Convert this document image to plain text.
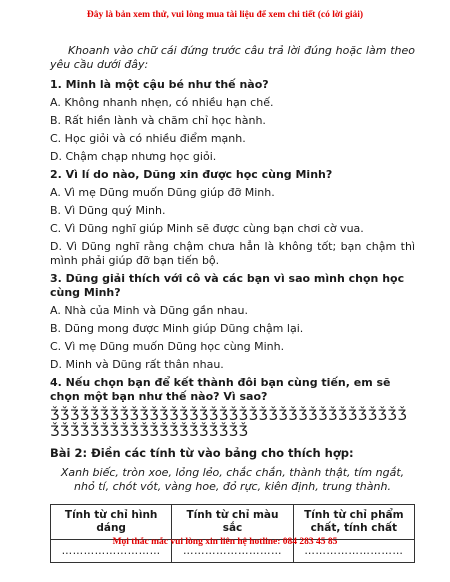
Đây là bản xem thử, vui lòng mua tài liệu để xem chi tiết (có lời giải)

Khoanh vào chữ cái đứng trước câu trả lời đúng hoặc làm theo yêu cầu dưới đây:

1. Minh là một cậu bé như thế nào?

A. Không nhanh nhẹn, có nhiều hạn chế.

B. Rất hiền lành và chăm chỉ học hành.

C. Học giỏi và có nhiều điểm mạnh.

D. Chậm chạp nhưng học giỏi.

2. Vì lí do nào, Dũng xin được học cùng Minh?

A. Vì mẹ Dũng muốn Dũng giúp đỡ Minh.

B. Vì Dũng quý Minh.

C. Vì Dũng nghĩ giúp Minh sẽ được cùng bạn chơi cờ vua.

D. Vì Dũng nghĩ rằng chậm chưa hẳn là không tốt; bạn chậm thì mình phải giúp đỡ bạn tiến bộ.

3. Dũng giải thích với cô và các bạn vì sao mình chọn học cùng Minh?

A. Nhà của Minh và Dũng gần nhau.

B. Dũng mong được Minh giúp Dũng chậm lại.

C. Vì mẹ Dũng muốn Dũng học cùng Minh.

D. Minh và Dũng rất thân nhau.

4. Nếu chọn bạn để kết thành đôi bạn cùng tiến, em sẽ chọn một bạn như thế nào? Vì sao?

ǮǮǮǮǮǮǮǮǮǮǮǮǮǮǮǮǮǮǮǮǮǮǮǮǮǮǮǮǮǮǮǮǮǮǮǮǮǮǮǮǮǮǮǮǮǮǮǮǮǮǮǮǮǮǮǮ

Bài 2: Điền các tính từ vào bảng cho thích hợp:

Xanh biếc, tròn xoe, lỏng lẻo, chắc chắn, thành thật, tím ngắt, nhỏ tí, chót vót, vàng hoe, đỏ rực, kiên định, trung thành.

Tính từ chỉ hình dáng	Tính từ chỉ màu sắc	Tính từ chỉ phẩm chất, tính chất
………………………	………………………	………………………
Mọi thắc mắc vui lòng xin liên hệ hotline: 084 283 45 85
